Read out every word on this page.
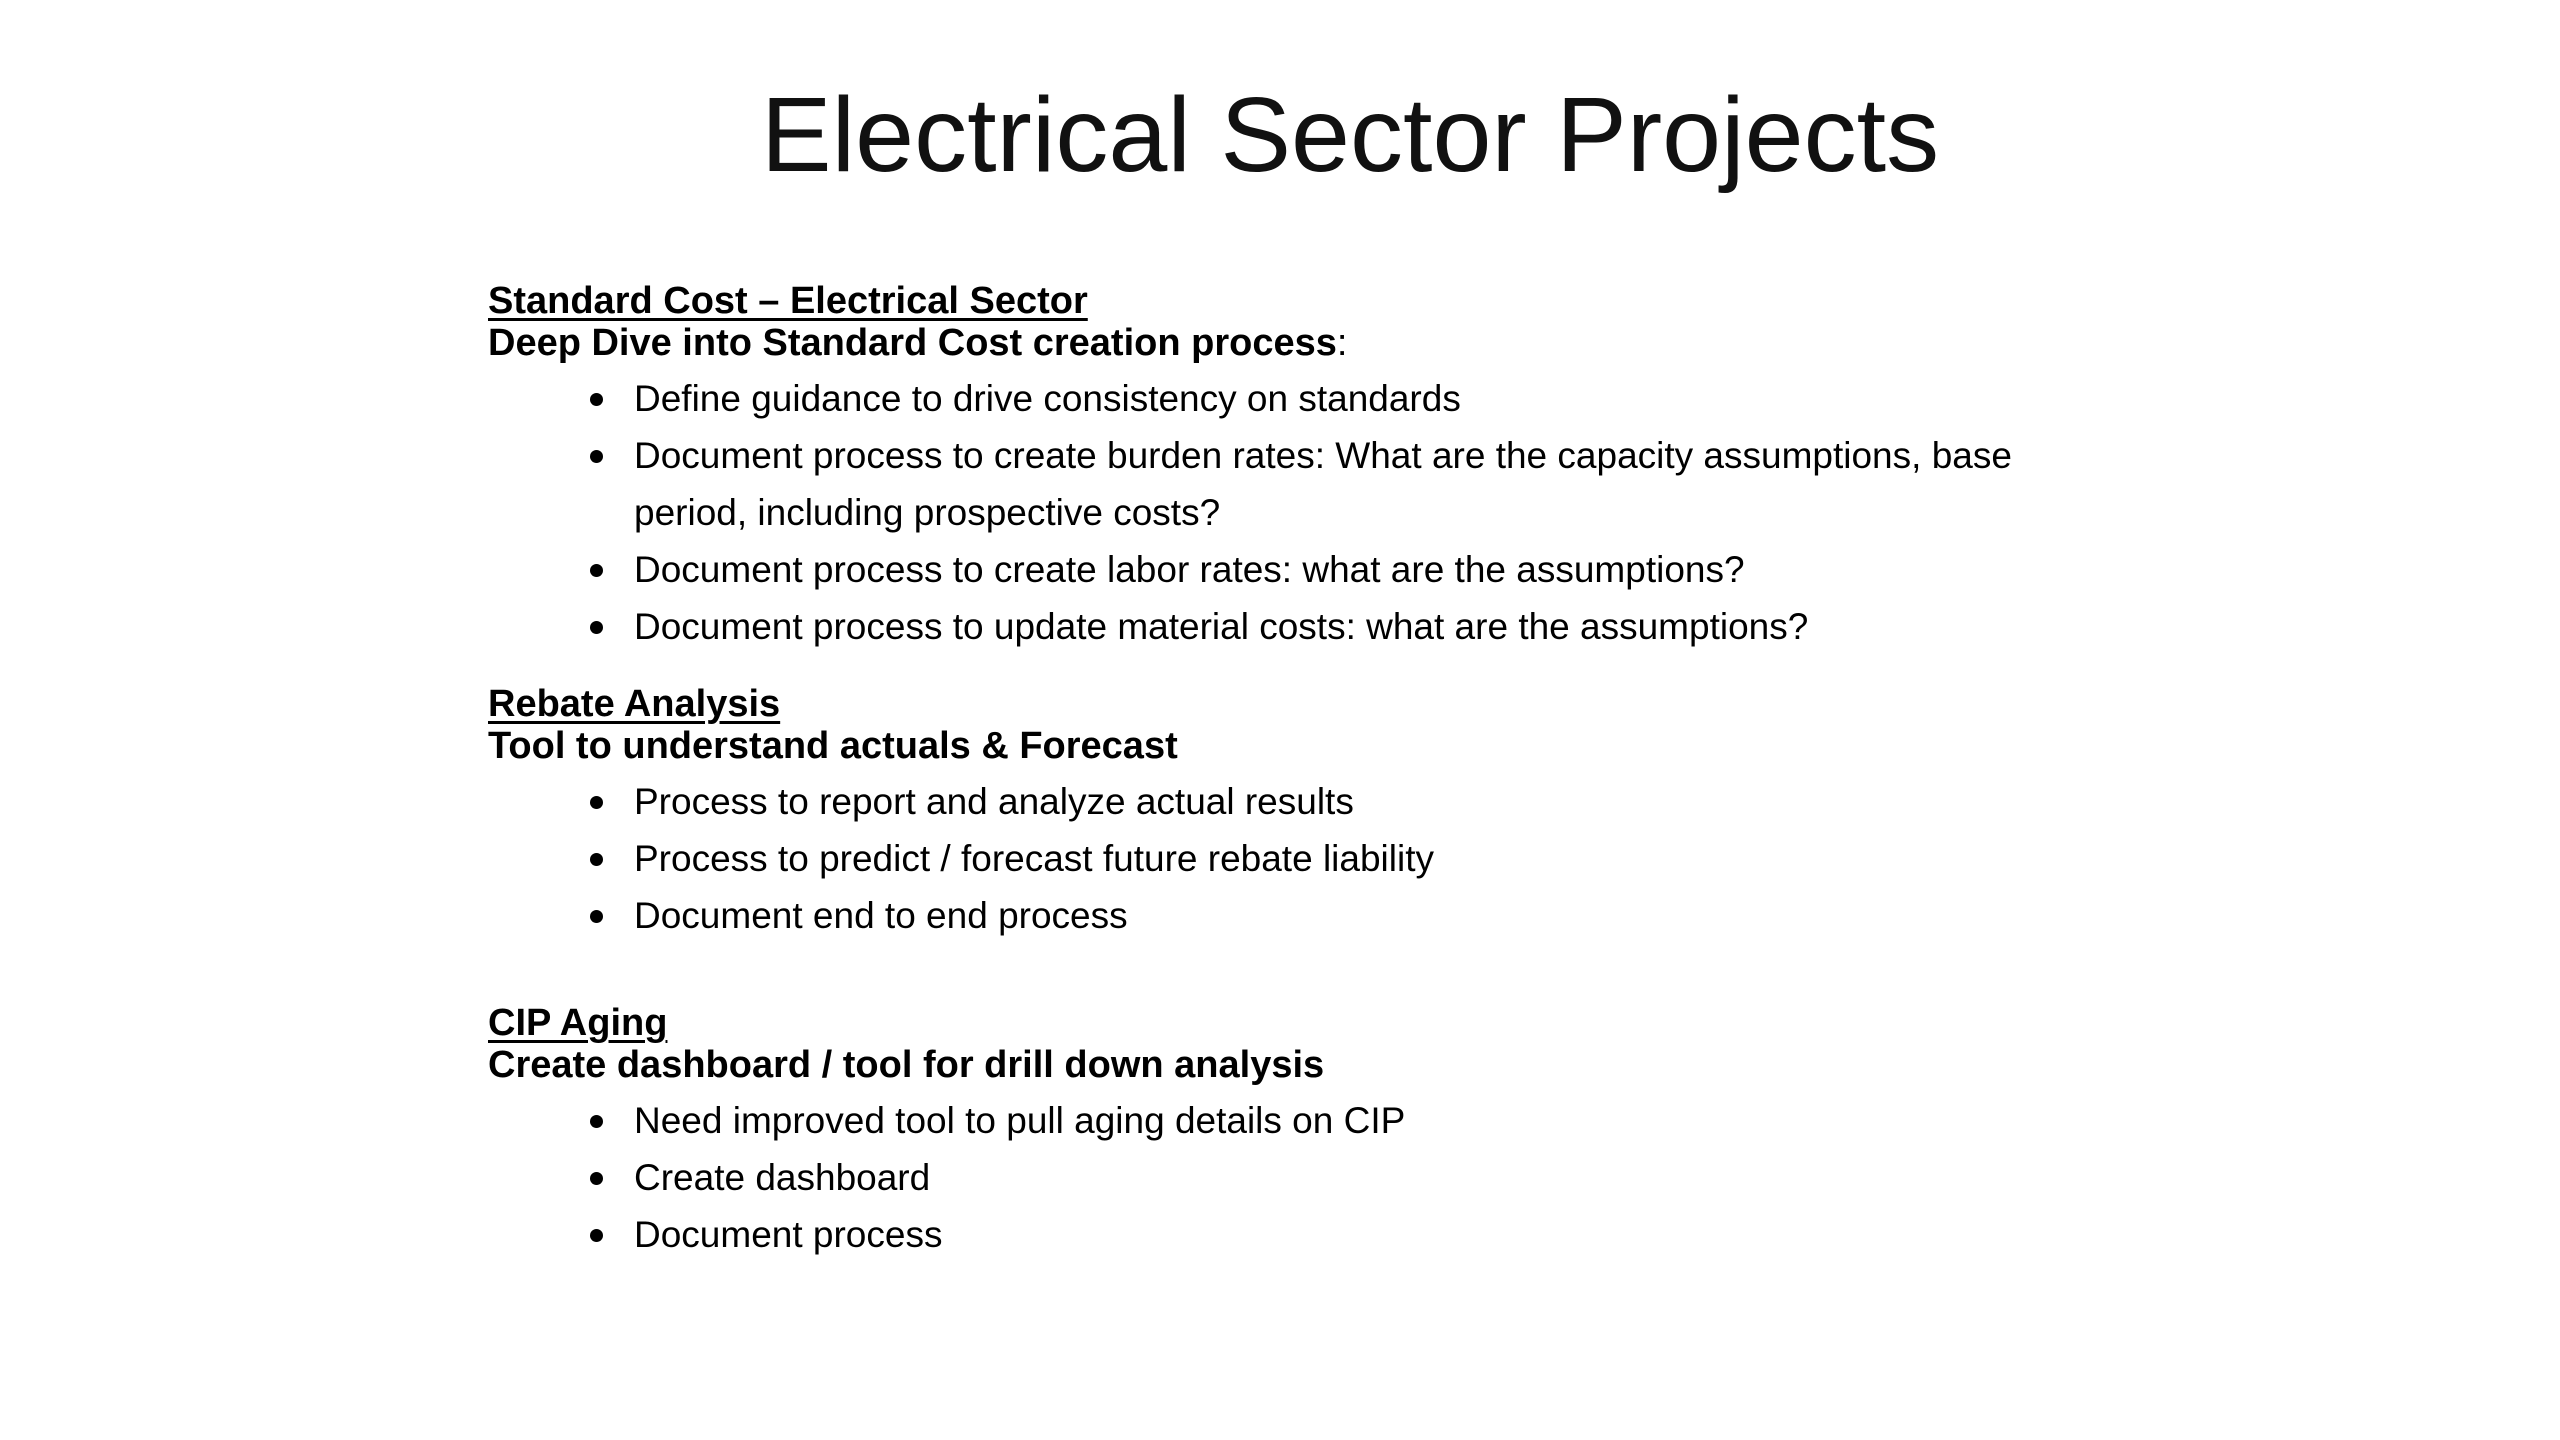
Electrical Sector Projects
Standard Cost – Electrical Sector
Deep Dive into Standard Cost creation process:
Define guidance to drive consistency on standards
Document process to create burden rates: What are the capacity assumptions, base period, including prospective costs?
Document process to create labor rates: what are the assumptions?
Document process to update material costs: what are the assumptions?
Rebate Analysis
Tool to understand actuals & Forecast
Process to report and analyze actual results
Process to predict / forecast future rebate liability
Document end to end process
CIP Aging
Create dashboard / tool for drill down analysis
Need improved tool to pull aging details on CIP
Create dashboard
Document process
